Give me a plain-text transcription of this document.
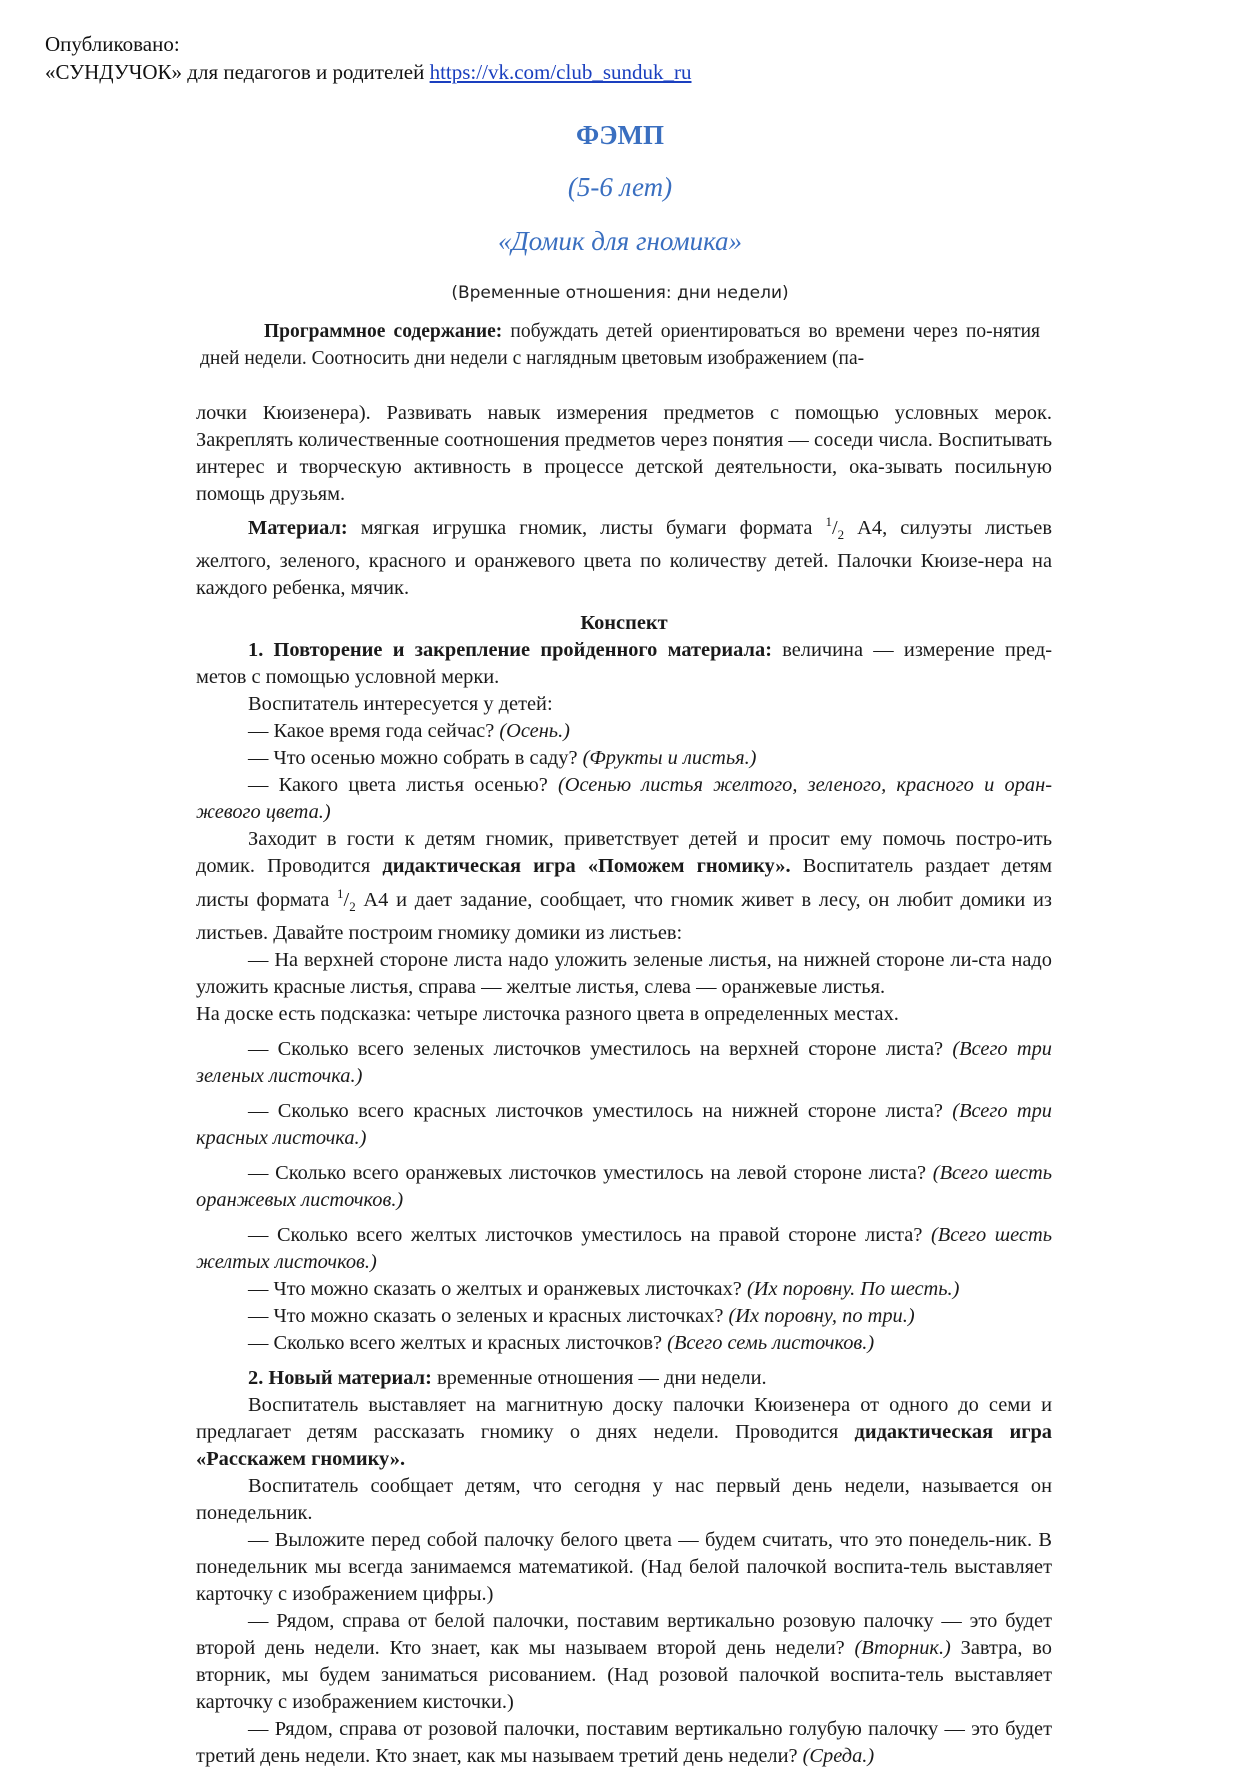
Опубликовано:
«СУНДУЧОК» для педагогов и родителей https://vk.com/club_sunduk_ru
ФЭМП
(5-6 лет)
«Домик для гномика»
(Временные отношения: дни недели)

Программное содержание: побуждать детей ориентироваться во времени через по-нятия дней недели. Соотносить дни недели с наглядным цветовым изображением (па-

лочки Кюизенера). Развивать навык измерения предметов с помощью условных мерок. Закреплять количественные соотношения предметов через понятия — соседи числа. Воспитывать интерес и творческую активность в процессе детской деятельности, ока-зывать посильную помощь друзьям.

Материал: мягкая игрушка гномик, листы бумаги формата $^1/_2$ А4, силуэты листьев желтого, зеленого, красного и оранжевого цвета по количеству детей. Палочки Кюизе-нера на каждого ребенка, мячик.

Конспект

1. Повторение и закрепление пройденного материала: величина — измерение пред-метов с помощью условной мерки.

Воспитатель интересуется у детей:

— Какое время года сейчас? (Осень.)

— Что осенью можно собрать в саду? (Фрукты и листья.)

— Какого цвета листья осенью? (Осенью листья желтого, зеленого, красного и оран-жевого цвета.)

Заходит в гости к детям гномик, приветствует детей и просит ему помочь постро-ить домик. Проводится дидактическая игра «Поможем гномику». Воспитатель раздает детям листы формата $^1/_2$ А4 и дает задание, сообщает, что гномик живет в лесу, он любит домики из листьев. Давайте построим гномику домики из листьев:

— На верхней стороне листа надо уложить зеленые листья, на нижней стороне ли-ста надо уложить красные листья, справа — желтые листья, слева — оранжевые листья.

На доске есть подсказка: четыре листочка разного цвета в определенных местах.

— Сколько всего зеленых листочков уместилось на верхней стороне листа? (Всего три зеленых листочка.)

— Сколько всего красных листочков уместилось на нижней стороне листа? (Всего три красных листочка.)

— Сколько всего оранжевых листочков уместилось на левой стороне листа? (Всего шесть оранжевых листочков.)

— Сколько всего желтых листочков уместилось на правой стороне листа? (Всего шесть желтых листочков.)

— Что можно сказать о желтых и оранжевых листочках? (Их поровну. По шесть.)

— Что можно сказать о зеленых и красных листочках? (Их поровну, по три.)

— Сколько всего желтых и красных листочков? (Всего семь листочков.)

2. Новый материал: временные отношения — дни недели.

Воспитатель выставляет на магнитную доску палочки Кюизенера от одного до семи и предлагает детям рассказать гномику о днях недели. Проводится дидактическая игра «Расскажем гномику».

Воспитатель сообщает детям, что сегодня у нас первый день недели, называется он понедельник.

— Выложите перед собой палочку белого цвета — будем считать, что это понедель-ник. В понедельник мы всегда занимаемся математикой. (Над белой палочкой воспита-тель выставляет карточку с изображением цифры.)

— Рядом, справа от белой палочки, поставим вертикально розовую палочку — это будет второй день недели. Кто знает, как мы называем второй день недели? (Вторник.) Завтра, во вторник, мы будем заниматься рисованием. (Над розовой палочкой воспита-тель выставляет карточку с изображением кисточки.)

— Рядом, справа от розовой палочки, поставим вертикально голубую палочку — это будет третий день недели. Кто знает, как мы называем третий день недели? (Среда.)
